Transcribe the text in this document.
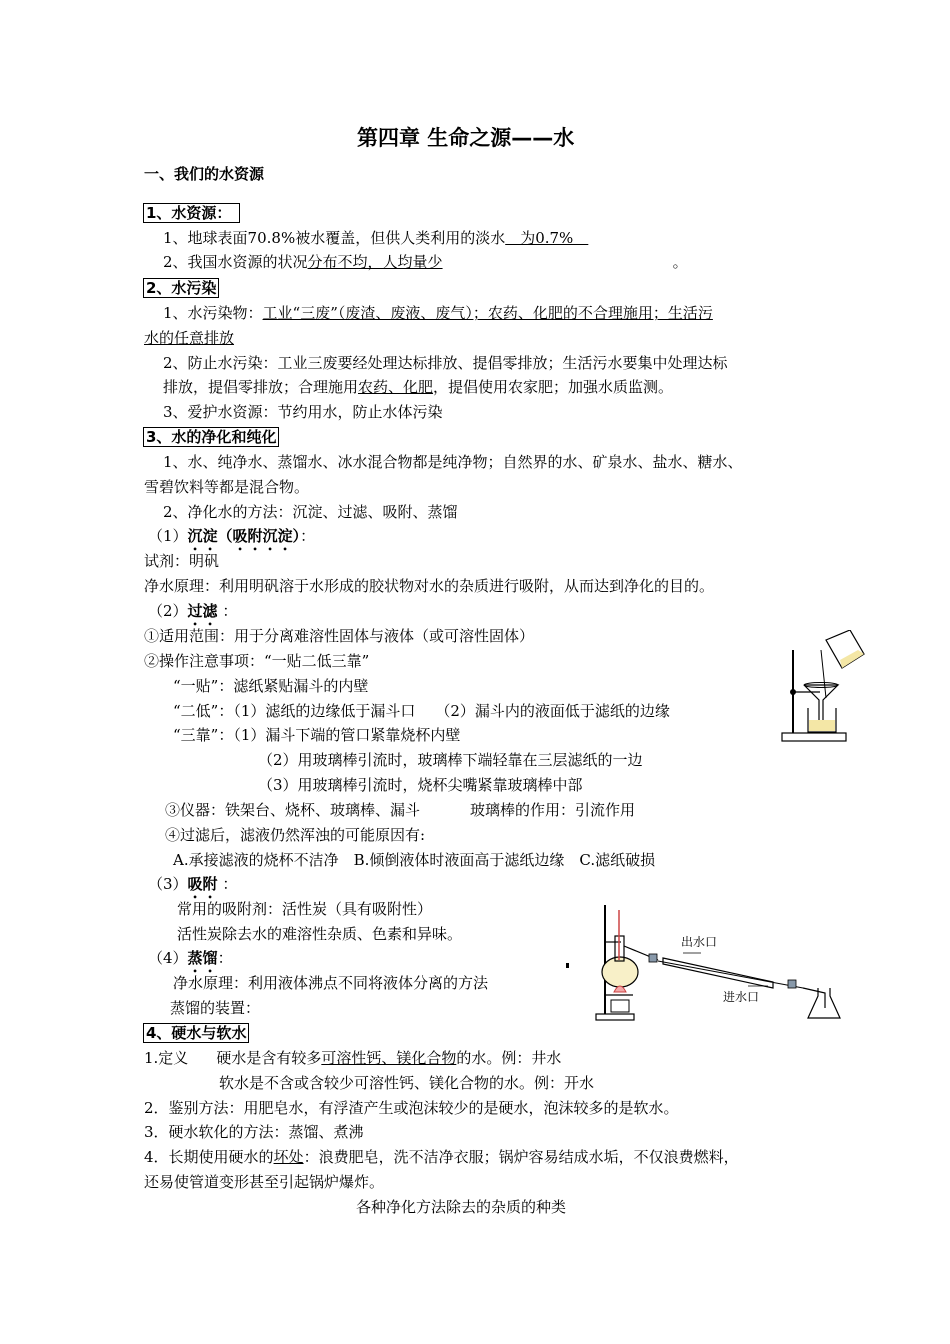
第四章 生命之源——水
一、我们的水资源
1、水资源：
1、地球表面70.8%被水覆盖，但供人类利用的淡水　为0.7%　
2、我国水资源的状况分布不均，人均量少	。
2、水污染
1、水污染物：工业“三废”（废渣、废液、废气）；农药、化肥的不合理施用；生活污
水的任意排放
2、防止水污染：工业三废要经处理达标排放、提倡零排放；生活污水要集中处理达标
排放，提倡零排放；合理施用农药、化肥，提倡使用农家肥；加强水质监测。
3、爱护水资源：节约用水，防止水体污染
3、水的净化和纯化
1、水、纯净水、蒸馏水、冰水混合物都是纯净物；自然界的水、矿泉水、盐水、糖水、
雪碧饮料等都是混合物。
2、净化水的方法：沉淀、过滤、吸附、蒸馏
（1）沉淀（吸附沉淀）：
试剂：明矾
净水原理：利用明矾溶于水形成的胶状物对水的杂质进行吸附，从而达到净化的目的。
（2）过滤 ：
①适用范围：用于分离难溶性固体与液体（或可溶性固体）
②操作注意事项：“一贴二低三靠”
“一贴”：滤纸紧贴漏斗的内壁
“二低”：（1）滤纸的边缘低于漏斗口 （2）漏斗内的液面低于滤纸的边缘
“三靠”：（1）漏斗下端的管口紧靠烧杯内壁
（2）用玻璃棒引流时，玻璃棒下端轻靠在三层滤纸的一边
（3）用玻璃棒引流时，烧杯尖嘴紧靠玻璃棒中部
③仪器：铁架台、烧杯、玻璃棒、漏斗	玻璃棒的作用：引流作用
④过滤后，滤液仍然浑浊的可能原因有:
A.承接滤液的烧杯不洁净　B.倾倒液体时液面高于滤纸边缘　C.滤纸破损
（3）吸附 ：
常用的吸附剂：活性炭（具有吸附性）
活性炭除去水的难溶性杂质、色素和异味。
（4）蒸馏：
净水原理：利用液体沸点不同将液体分离的方法
蒸馏的装置：
出水口
进水口
4、硬水与软水
1.定义 硬水是含有较多可溶性钙、镁化合物的水。例：井水
软水是不含或含较少可溶性钙、镁化合物的水。例：开水
2．鉴别方法：用肥皂水，有浮渣产生或泡沫较少的是硬水，泡沫较多的是软水。
3．硬水软化的方法：蒸馏、煮沸
4．长期使用硬水的坏处：浪费肥皂，洗不洁净衣服；锅炉容易结成水垢，不仅浪费燃料，
还易使管道变形甚至引起锅炉爆炸。
各种净化方法除去的杂质的种类
